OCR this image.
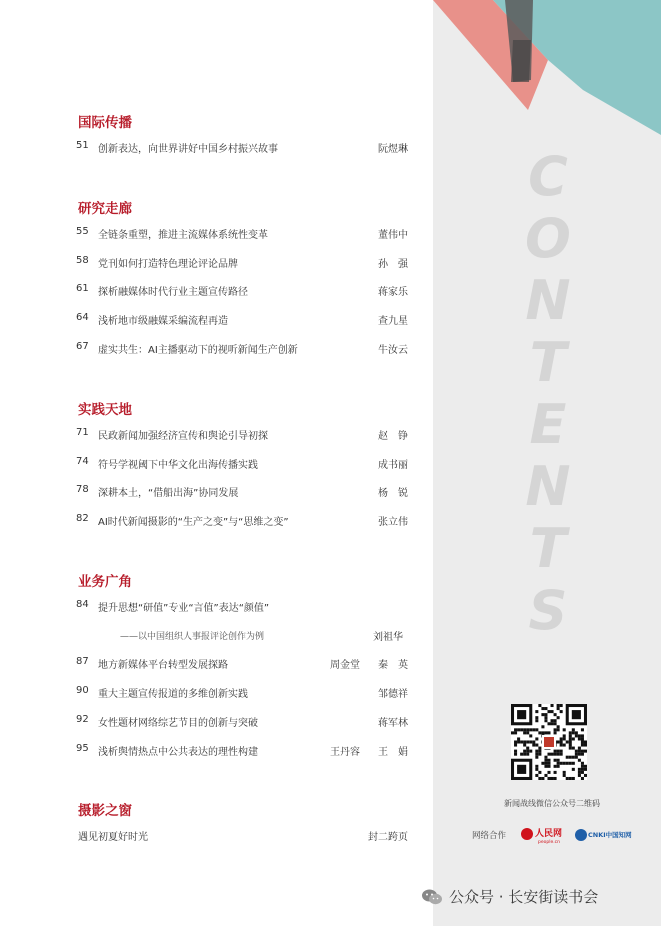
C
O
N
T
E
N
T
S
国际传播
51 创新表达，向世界讲好中国乡村振兴故事	阮煜琳
研究走廊
55 全链条重塑，推进主流媒体系统性变革	董伟中
58 党刊如何打造特色理论评论品牌	孙　强
61 探析融媒体时代行业主题宣传路径	蒋家乐
64 浅析地市级融媒采编流程再造	查九星
67 虚实共生：AI主播驱动下的视听新闻生产创新	牛汝云
实践天地
71 民政新闻加强经济宣传和舆论引导初探	赵　铮
74 符号学视阈下中华文化出海传播实践	成书丽
78 深耕本土，“借船出海”协同发展	杨　锐
82 AI时代新闻摄影的“生产之变”与“思维之变”	张立伟
业务广角
84 提升思想“研值”专业“言值”表达“颜值”
——以中国组织人事报评论创作为例	刘祖华
87 地方新媒体平台转型发展探路	周金堂 秦　英
90 重大主题宣传报道的多维创新实践	邹德祥
92 女性题材网络综艺节目的创新与突破	蒋军林
95 浅析舆情热点中公共表达的理性构建	王丹容 王　娟
摄影之窗
遇见初夏好时光	封二跨页
新闻战线微信公众号二维码
网络合作	人民网
people.cn
CNKI中国知网
公众号 · 长安街读书会
